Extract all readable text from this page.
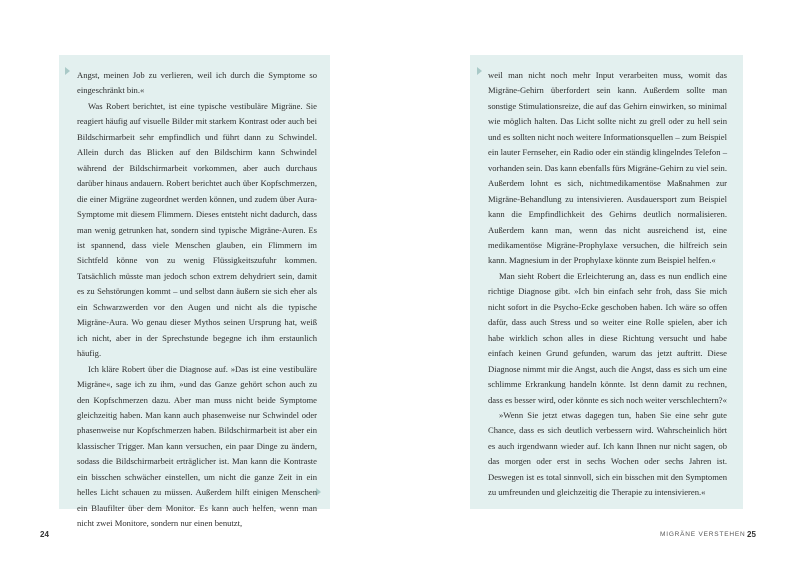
Angst, meinen Job zu verlieren, weil ich durch die Symptome so eingeschränkt bin.«

Was Robert berichtet, ist eine typische vestibuläre Migräne. Sie reagiert häufig auf visuelle Bilder mit starkem Kontrast oder auch bei Bildschirmarbeit sehr empfindlich und führt dann zu Schwindel. Allein durch das Blicken auf den Bildschirm kann Schwindel während der Bildschirmarbeit vorkommen, aber auch durchaus darüber hinaus andauern. Robert berichtet auch über Kopfschmerzen, die einer Migräne zugeordnet werden können, und zudem über Aura-Symptome mit diesem Flimmern. Dieses entsteht nicht dadurch, dass man wenig getrunken hat, sondern sind typische Migräne-Auren. Es ist spannend, dass viele Menschen glauben, ein Flimmern im Sichtfeld könne von zu wenig Flüssigkeitszufuhr kommen. Tatsächlich müsste man jedoch schon extrem dehydriert sein, damit es zu Sehstörungen kommt – und selbst dann äußern sie sich eher als ein Schwarzwerden vor den Augen und nicht als die typische Migräne-Aura. Wo genau dieser Mythos seinen Ursprung hat, weiß ich nicht, aber in der Sprechstunde begegne ich ihm erstaunlich häufig.

Ich kläre Robert über die Diagnose auf. »Das ist eine vestibuläre Migräne«, sage ich zu ihm, »und das Ganze gehört schon auch zu den Kopfschmerzen dazu. Aber man muss nicht beide Symptome gleichzeitig haben. Man kann auch phasenweise nur Schwindel oder phasenweise nur Kopfschmerzen haben. Bildschirmarbeit ist aber ein klassischer Trigger. Man kann versuchen, ein paar Dinge zu ändern, sodass die Bildschirmarbeit erträglicher ist. Man kann die Kontraste ein bisschen schwächer einstellen, um nicht die ganze Zeit in ein helles Licht schauen zu müssen. Außerdem hilft einigen Menschen ein Blaufilter über dem Monitor. Es kann auch helfen, wenn man nicht zwei Monitore, sondern nur einen benutzt,

weil man nicht noch mehr Input verarbeiten muss, womit das Migräne-Gehirn überfordert sein kann. Außerdem sollte man sonstige Stimulationsreize, die auf das Gehirn einwirken, so minimal wie möglich halten. Das Licht sollte nicht zu grell oder zu hell sein und es sollten nicht noch weitere Informationsquellen – zum Beispiel ein lauter Fernseher, ein Radio oder ein ständig klingelndes Telefon – vorhanden sein. Das kann ebenfalls fürs Migräne-Gehirn zu viel sein. Außerdem lohnt es sich, nichtmedikamentöse Maßnahmen zur Migräne-Behandlung zu intensivieren. Ausdauersport zum Beispiel kann die Empfindlichkeit des Gehirns deutlich normalisieren. Außerdem kann man, wenn das nicht ausreichend ist, eine medikamentöse Migräne-Prophylaxe versuchen, die hilfreich sein kann. Magnesium in der Prophylaxe könnte zum Beispiel helfen.«

Man sieht Robert die Erleichterung an, dass es nun endlich eine richtige Diagnose gibt. »Ich bin einfach sehr froh, dass Sie mich nicht sofort in die Psycho-Ecke geschoben haben. Ich wäre so offen dafür, dass auch Stress und so weiter eine Rolle spielen, aber ich habe wirklich schon alles in diese Richtung versucht und habe einfach keinen Grund gefunden, warum das jetzt auftritt. Diese Diagnose nimmt mir die Angst, auch die Angst, dass es sich um eine schlimme Erkrankung handeln könnte. Ist denn damit zu rechnen, dass es besser wird, oder könnte es sich noch weiter verschlechtern?«

»Wenn Sie jetzt etwas dagegen tun, haben Sie eine sehr gute Chance, dass es sich deutlich verbessern wird. Wahrscheinlich hört es auch irgendwann wieder auf. Ich kann Ihnen nur nicht sagen, ob das morgen oder erst in sechs Wochen oder sechs Jahren ist. Deswegen ist es total sinnvoll, sich ein bisschen mit den Symptomen zu umfreunden und gleichzeitig die Therapie zu intensivieren.«

24	MIGRÄNE VERSTEHEN 25
